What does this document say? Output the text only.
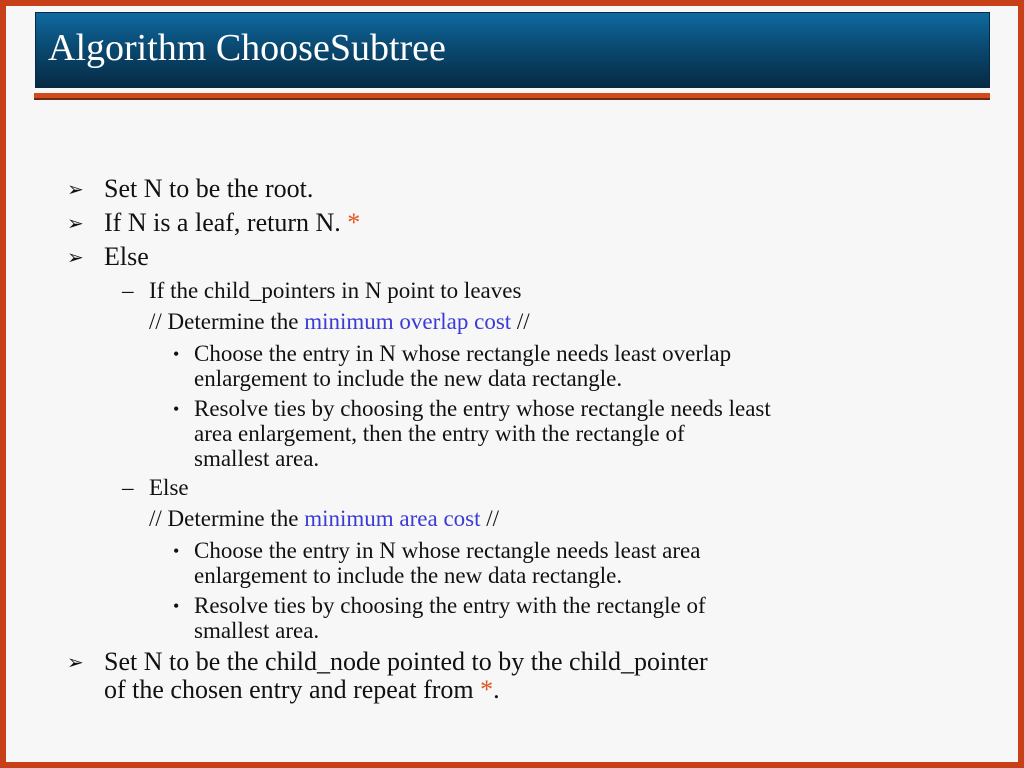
Algorithm ChooseSubtree
➢ Set N to be the root.
➢ If N is a leaf, return N. *
➢ Else
– If the child_pointers in N point to leaves
// Determine the minimum overlap cost //
• Choose the entry in N whose rectangle needs least overlap
enlargement to include the new data rectangle.
• Resolve ties by choosing the entry whose rectangle needs least
area enlargement, then the entry with the rectangle of
smallest area.
– Else
// Determine the minimum area cost //
• Choose the entry in N whose rectangle needs least area
enlargement to include the new data rectangle.
• Resolve ties by choosing the entry with the rectangle of
smallest area.
➢ Set N to be the child_node pointed to by the child_pointer
of the chosen entry and repeat from *.
